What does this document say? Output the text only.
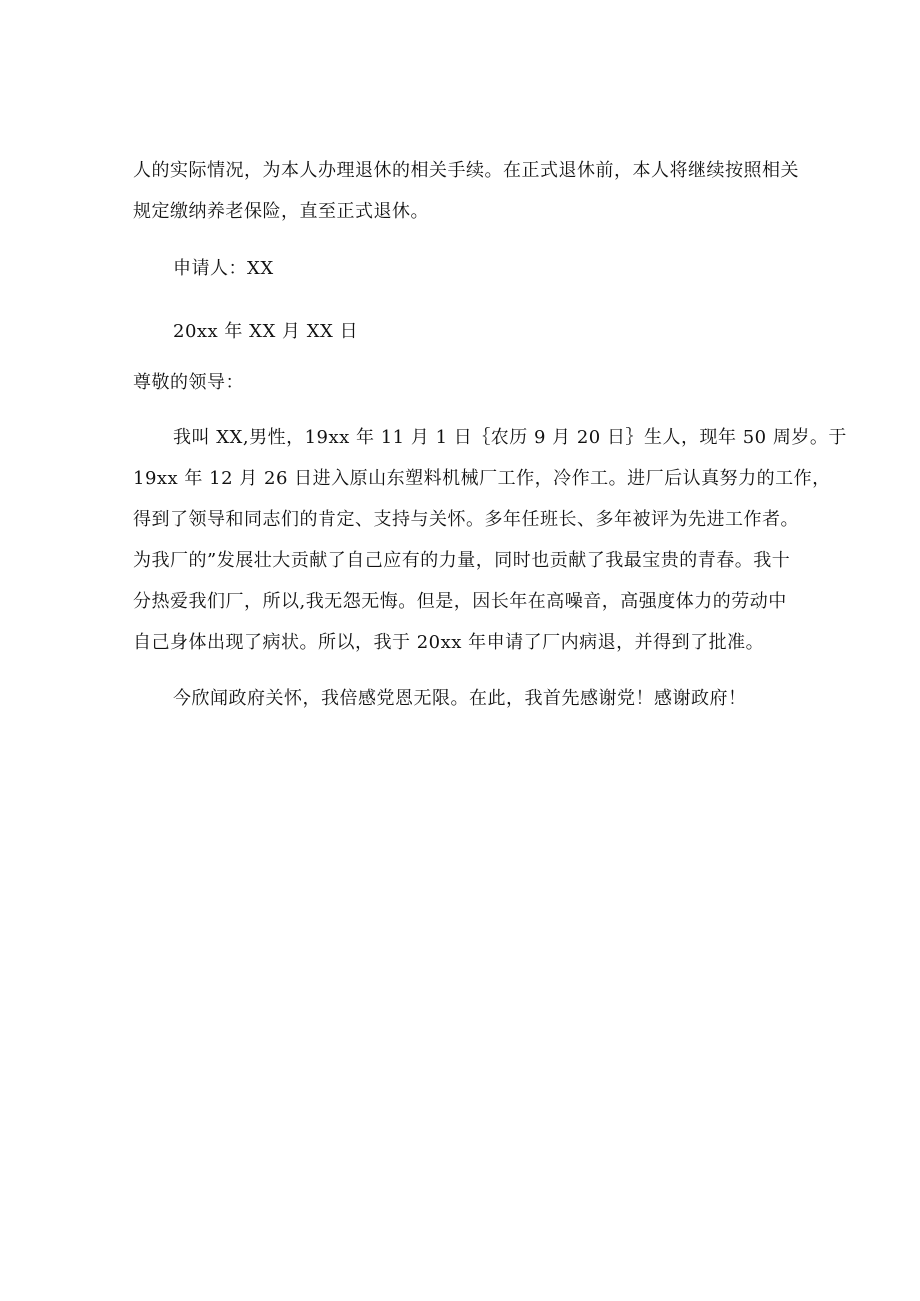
人的实际情况，为本人办理退休的相关手续。在正式退休前，本人将继续按照相关
规定缴纳养老保险，直至正式退休。
申请人：XX
20xx 年 XX 月 XX 日
尊敬的领导：
我叫 XX,男性，19xx 年 11 月 1 日｛农历 9 月 20 日｝生人，现年 50 周岁。于
19xx 年 12 月 26 日进入原山东塑料机械厂工作，冷作工。进厂后认真努力的工作，
得到了领导和同志们的肯定、支持与关怀。多年任班长、多年被评为先进工作者。
为我厂的”发展壮大贡献了自己应有的力量，同时也贡献了我最宝贵的青春。我十
分热爱我们厂，所以,我无怨无悔。但是，因长年在高噪音，高强度体力的劳动中
自己身体出现了病状。所以，我于 20xx 年申请了厂内病退，并得到了批准。
今欣闻政府关怀，我倍感党恩无限。在此，我首先感谢党！感谢政府！
